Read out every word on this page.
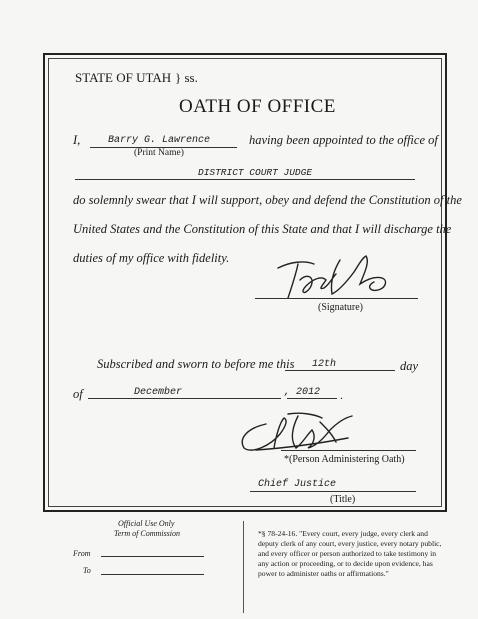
STATE OF UTAH } ss.
OATH OF OFFICE
I,	Barry G. Lawrence	having been appointed to the office of
(Print Name)
DISTRICT COURT JUDGE
do solemnly swear that I will support, obey and defend the Constitution of the
United States and the Constitution of this State and that I will discharge the
duties of my office with fidelity.
(Signature)
Subscribed and sworn to before me this 12th	day
of	December	, 2012 .
*(Person Administering Oath)
Chief Justice
(Title)
Official Use Only
Term of Commission
From
To
*§ 78-24-16. "Every court, every judge, every clerk and
deputy clerk of any court, every justice, every notary public,
and every officer or person authorized to take testimony in
any action or proceeding, or to decide upon evidence, has
power to administer oaths or affirmations."
